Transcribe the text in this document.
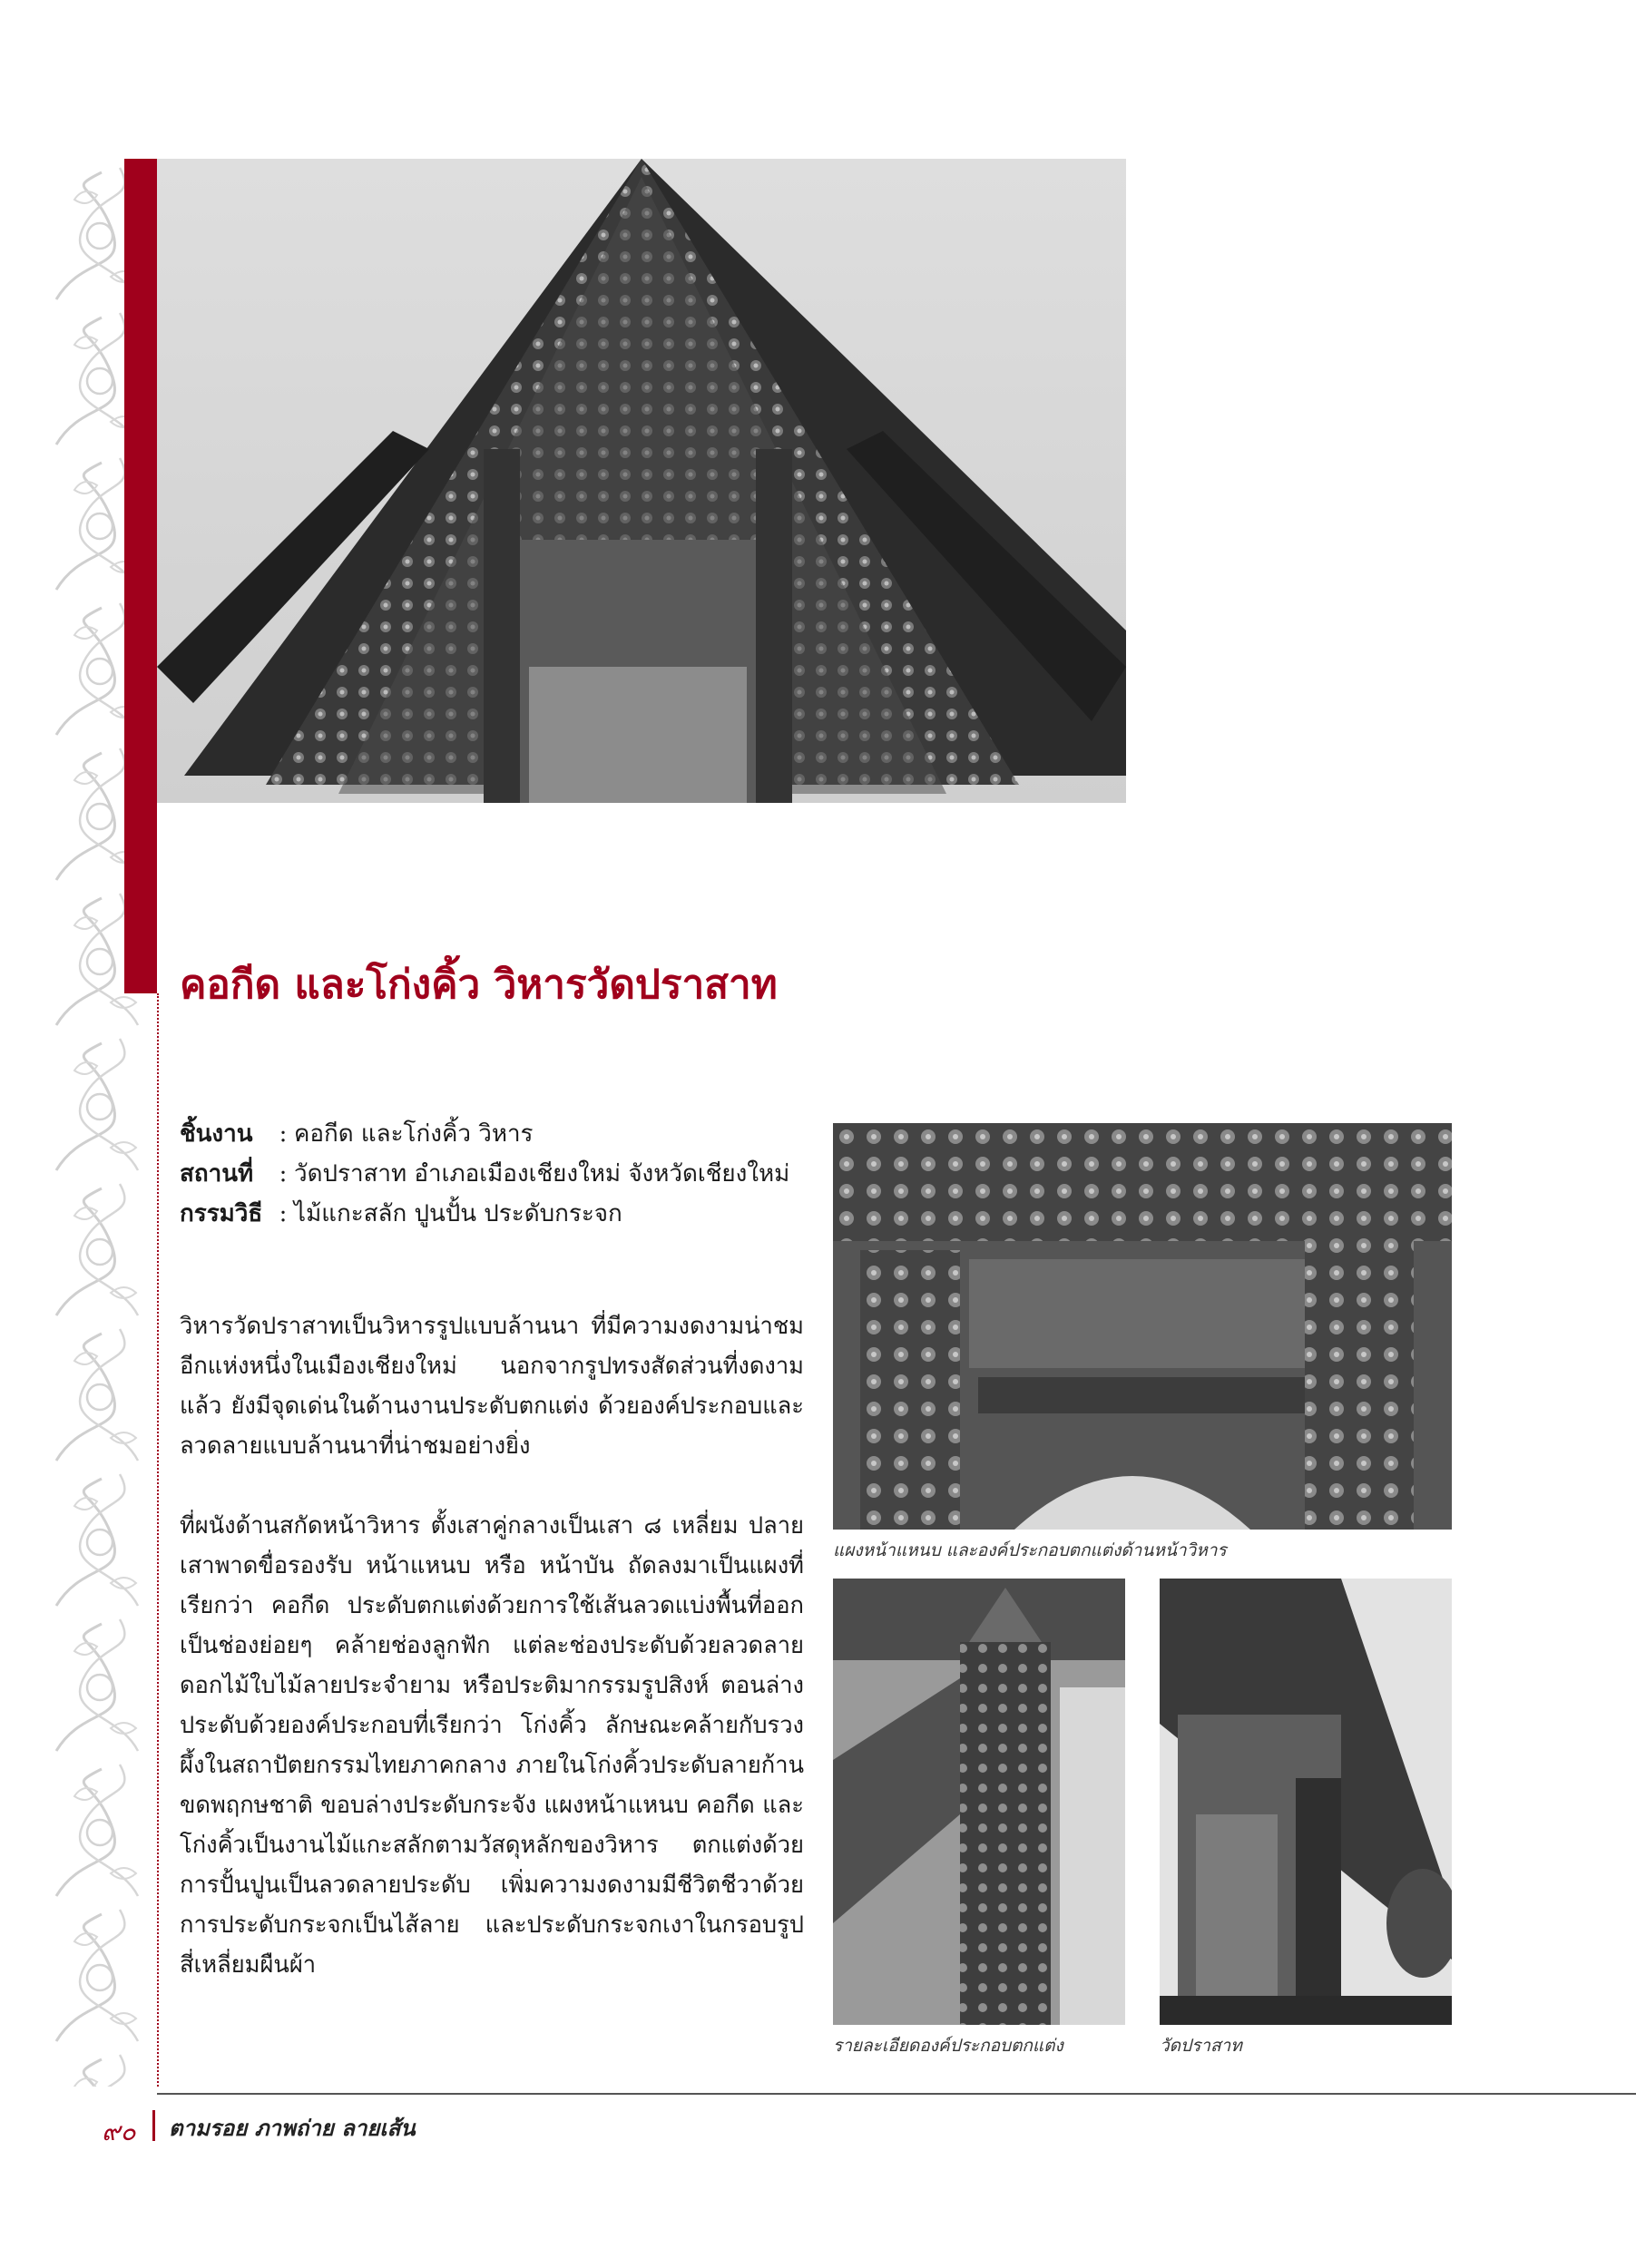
คอกีด และโก่งคิ้ว วิหารวัดปราสาท
ชิ้นงาน	: คอกีด และโก่งคิ้ว วิหาร
สถานที่	: วัดปราสาท อำเภอเมืองเชียงใหม่ จังหวัดเชียงใหม่
กรรมวิธี : ไม้แกะสลัก ปูนปั้น ประดับกระจก

วิหารวัดปราสาทเป็นวิหารรูปแบบล้านนา ที่มีความงดงามน่าชม อีกแห่งหนึ่งในเมืองเชียงใหม่ นอกจากรูปทรงสัดส่วนที่งดงามแล้ว ยังมีจุดเด่นในด้านงานประดับตกแต่ง ด้วยองค์ประกอบและลวดลายแบบล้านนาที่น่าชมอย่างยิ่ง

ที่ผนังด้านสกัดหน้าวิหาร ตั้งเสาคู่กลางเป็นเสา ๘ เหลี่ยม ปลายเสาพาดขื่อรองรับ หน้าแหนบ หรือ หน้าบัน ถัดลงมาเป็นแผงที่เรียกว่า คอกีด ประดับตกแต่งด้วยการใช้เส้นลวดแบ่งพื้นที่ออกเป็นช่องย่อยๆ คล้ายช่องลูกฟัก แต่ละช่องประดับด้วยลวดลายดอกไม้ใบไม้ลายประจำยาม หรือประติมากรรมรูปสิงห์ ตอนล่างประดับด้วยองค์ประกอบที่เรียกว่า โก่งคิ้ว ลักษณะคล้ายกับรวงผึ้งในสถาปัตยกรรมไทยภาคกลาง ภายในโก่งคิ้วประดับลายก้านขดพฤกษชาติ ขอบล่างประดับกระจัง แผงหน้าแหนบ คอกีด และโก่งคิ้วเป็นงานไม้แกะสลักตามวัสดุหลักของวิหาร ตกแต่งด้วยการปั้นปูนเป็นลวดลายประดับ เพิ่มความงดงามมีชีวิตชีวาด้วยการประดับกระจกเป็นไส้ลาย และประดับกระจกเงาในกรอบรูปสี่เหลี่ยมผืนผ้า

แผงหน้าแหนบ และองค์ประกอบตกแต่งด้านหน้าวิหาร
รายละเอียดองค์ประกอบตกแต่ง	วัดปราสาท
๙๐ ตามรอย ภาพถ่าย ลายเส้น
